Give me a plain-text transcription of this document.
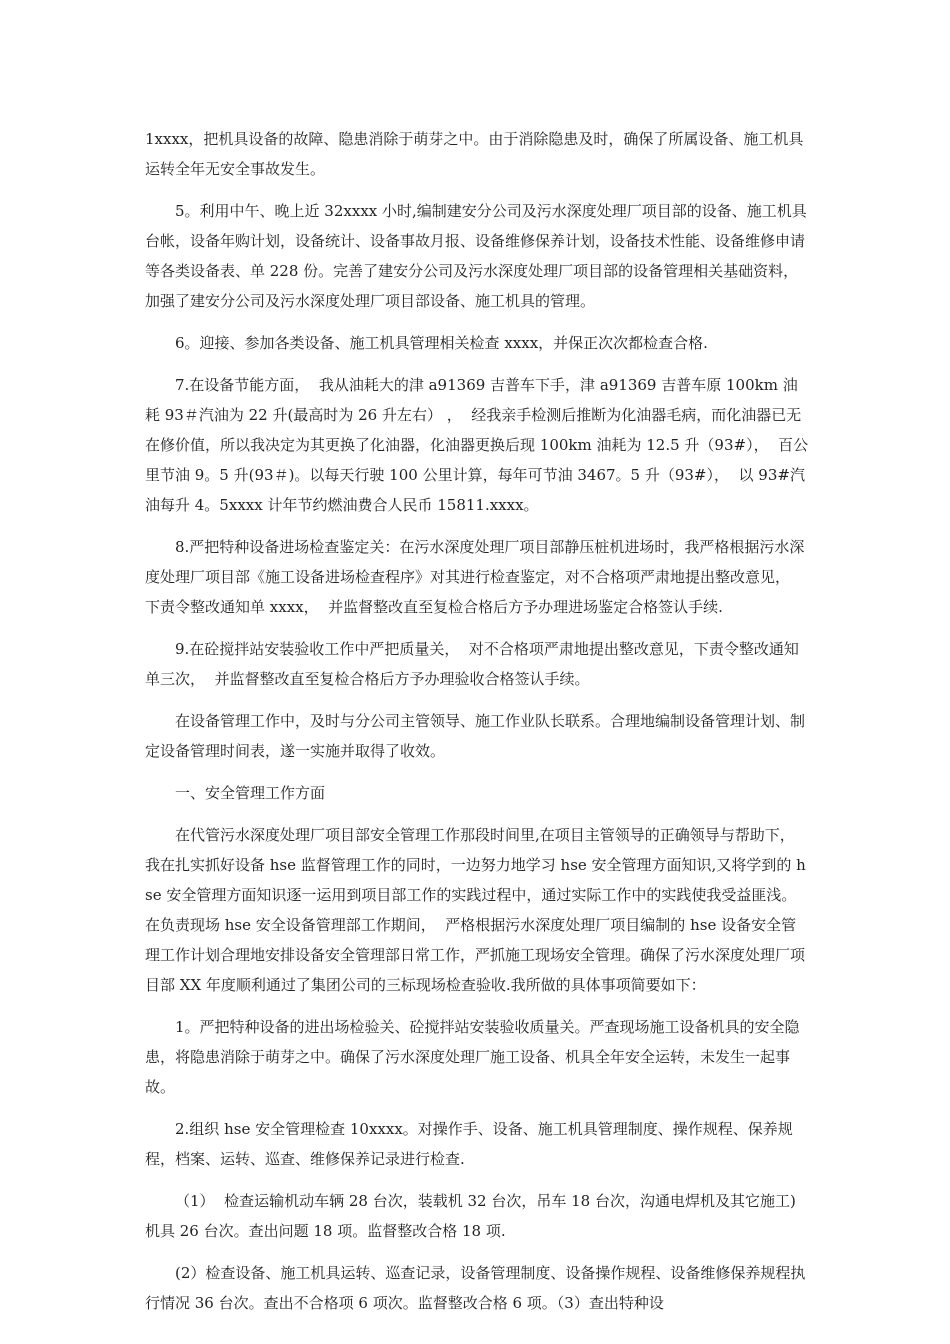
1xxxx，把机具设备的故障、隐患消除于萌芽之中。由于消除隐患及时，确保了所属设备、施工机具运转全年无安全事故发生。

5。利用中午、晚上近 32xxxx 小时,编制建安分公司及污水深度处理厂项目部的设备、施工机具台帐，设备年购计划，设备统计、设备事故月报、设备维修保养计划，设备技术性能、设备维修申请等各类设备表、单 228 份。完善了建安分公司及污水深度处理厂项目部的设备管理相关基础资料，加强了建安分公司及污水深度处理厂项目部设备、施工机具的管理。

6。迎接、参加各类设备、施工机具管理相关检查 xxxx，并保正次次都检查合格.

7.在设备节能方面，  我从油耗大的津 a91369 吉普车下手，津 a91369 吉普车原 100km 油耗 93＃汽油为 22 升(最高时为 26 升左右） ，  经我亲手检测后推断为化油器毛病，而化油器已无在修价值，所以我决定为其更换了化油器，化油器更换后现 100km 油耗为 12.5 升（93#），  百公里节油 9。5 升(93＃)。以每天行驶 100 公里计算，每年可节油 3467。5 升（93#），  以 93#汽油每升 4。5xxxx 计年节约燃油费合人民币 15811.xxxx。

8.严把特种设备进场检查鉴定关：在污水深度处理厂项目部静压桩机进场时，我严格根据污水深度处理厂项目部《施工设备进场检查程序》对其进行检查鉴定，对不合格项严肃地提出整改意见，  下责令整改通知单 xxxx，  并监督整改直至复检合格后方予办理进场鉴定合格签认手续.

9.在砼搅拌站安装验收工作中严把质量关，  对不合格项严肃地提出整改意见，下责令整改通知单三次，  并监督整改直至复检合格后方予办理验收合格签认手续。

在设备管理工作中，及时与分公司主管领导、施工作业队长联系。合理地编制设备管理计划、制定设备管理时间表，遂一实施并取得了收效。

一、安全管理工作方面

在代管污水深度处理厂项目部安全管理工作那段时间里,在项目主管领导的正确领导与帮助下，  我在扎实抓好设备 hse 监督管理工作的同时，一边努力地学习 hse 安全管理方面知识,又将学到的 hse 安全管理方面知识逐一运用到项目部工作的实践过程中，通过实际工作中的实践使我受益匪浅。在负责现场 hse 安全设备管理部工作期间，  严格根据污水深度处理厂项目编制的 hse 设备安全管理工作计划合理地安排设备安全管理部日常工作，严抓施工现场安全管理。确保了污水深度处理厂项目部 XX 年度顺利通过了集团公司的三标现场检查验收.我所做的具体事项简要如下：

1。严把特种设备的进出场检验关、砼搅拌站安装验收质量关。严查现场施工设备机具的安全隐患，将隐患消除于萌芽之中。确保了污水深度处理厂施工设备、机具全年安全运转，未发生一起事故。

2.组织 hse 安全管理检查 10xxxx。对操作手、设备、施工机具管理制度、操作规程、保养规程，档案、运转、巡查、维修保养记录进行检查.

（1）  检查运输机动车辆 28 台次，装载机 32 台次，吊车 18 台次，沟通电焊机及其它施工)机具 26 台次。查出问题 18 项。监督整改合格 18 项.

(2）检查设备、施工机具运转、巡查记录，设备管理制度、设备操作规程、设备维修保养规程执行情况 36 台次。查出不合格项 6 项次。监督整改合格 6 项。（3）查出特种设
